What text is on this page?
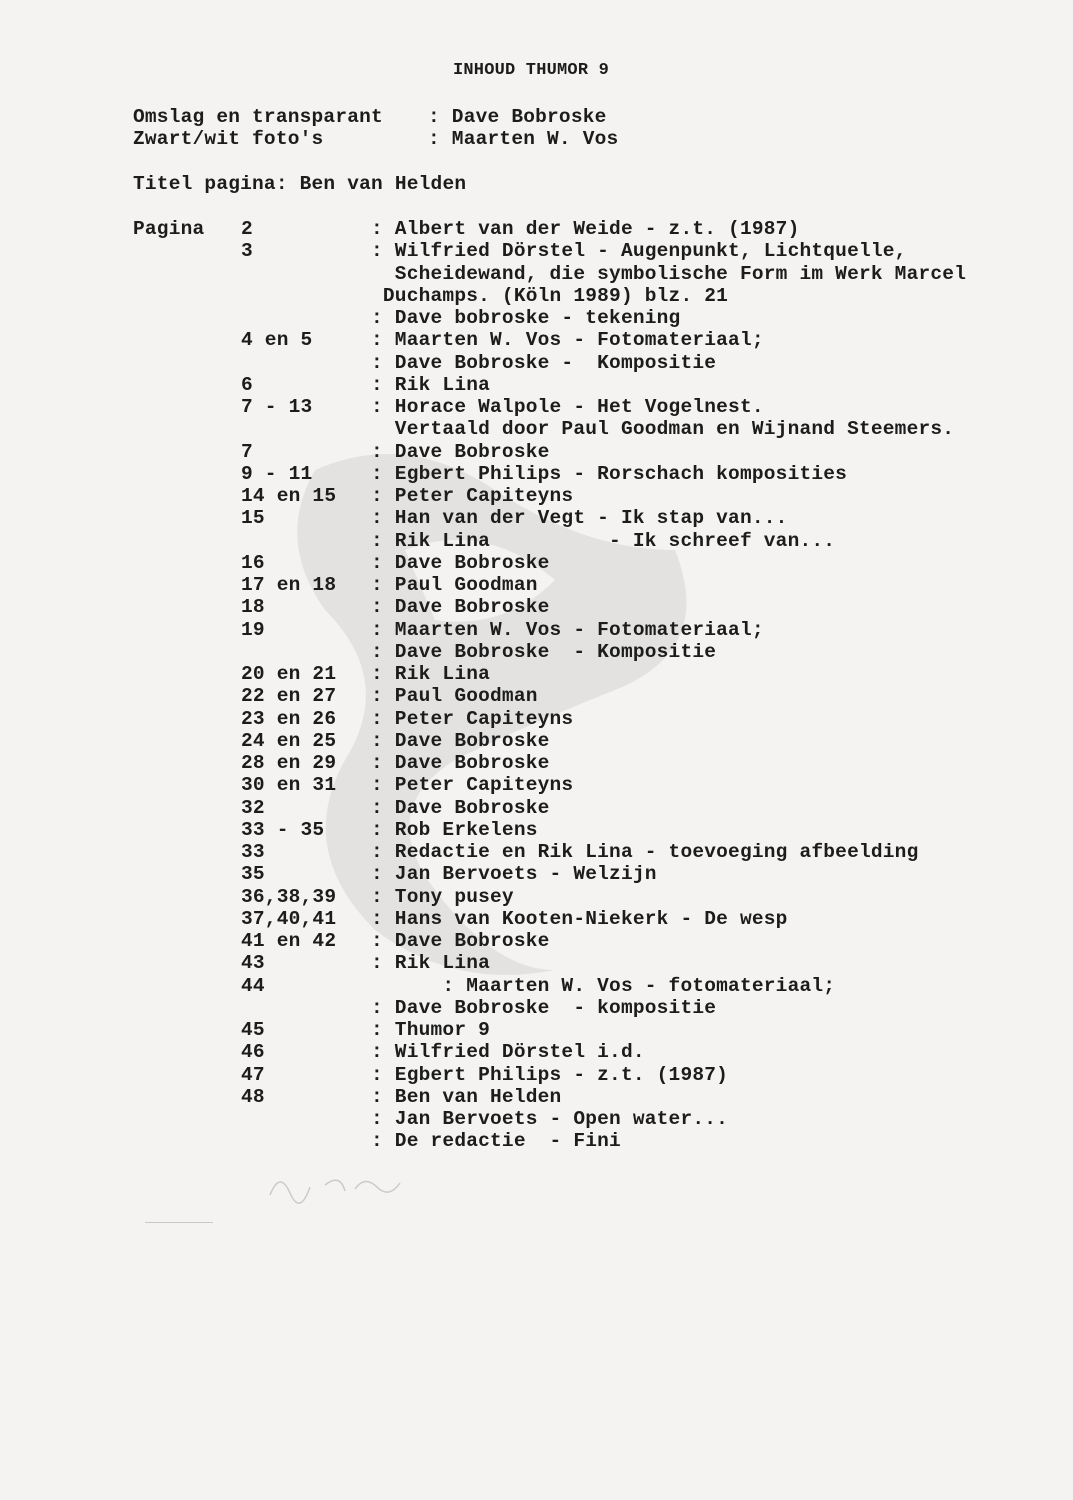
INHOUD THUMOR 9
Omslag en transparant : Dave Bobroske
Zwart/wit foto's	: Maarten W. Vos
Titel pagina: Ben van Helden
Pagina 2	: Albert van der Weide - z.t. (1987)
3	: Wilfried Dörstel - Augenpunkt, Lichtquelle,
Scheidewand, die symbolische Form im Werk Marcel
Duchamps. (Köln 1989) blz. 21
: Dave bobroske - tekening
4 en 5	: Maarten W. Vos - Fotomateriaal;
: Dave Bobroske -  Kompositie
6	: Rik Lina
7 - 13	: Horace Walpole - Het Vogelnest.
Vertaald door Paul Goodman en Wijnand Steemers.
7	: Dave Bobroske
9 - 11	: Egbert Philips - Rorschach komposities
14 en 15 : Peter Capiteyns
15	: Han van der Vegt - Ik stap van...
: Rik Lina          - Ik schreef van...
16	: Dave Bobroske
17 en 18 : Paul Goodman
18	: Dave Bobroske
19	: Maarten W. Vos - Fotomateriaal;
: Dave Bobroske  - Kompositie
20 en 21 : Rik Lina
22 en 27 : Paul Goodman
23 en 26 : Peter Capiteyns
24 en 25 : Dave Bobroske
28 en 29 : Dave Bobroske
30 en 31 : Peter Capiteyns
32	: Dave Bobroske
33 - 35 : Rob Erkelens
33	: Redactie en Rik Lina - toevoeging afbeelding
35	: Jan Bervoets - Welzijn
36,38,39 : Tony pusey
37,40,41 : Hans van Kooten-Niekerk - De wesp
41 en 42 : Dave Bobroske
43	: Rik Lina
44	: Maarten W. Vos - fotomateriaal;
: Dave Bobroske  - kompositie
45	: Thumor 9
46	: Wilfried Dörstel i.d.
47	: Egbert Philips - z.t. (1987)
48	: Ben van Helden
: Jan Bervoets - Open water...
: De redactie  - Fini
